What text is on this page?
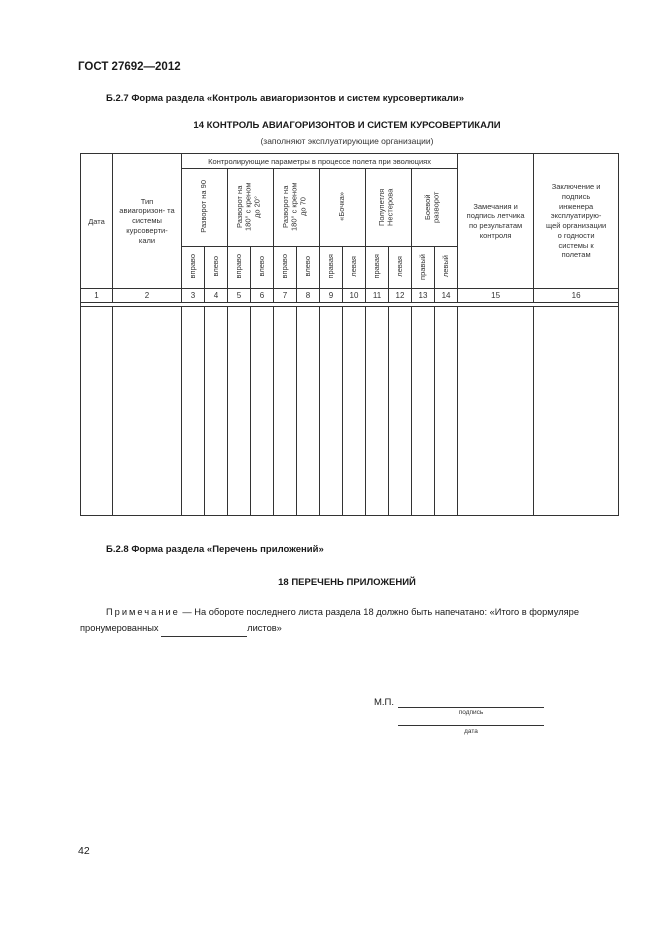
ГОСТ 27692—2012
Б.2.7 Форма раздела «Контроль авиагоризонтов и систем курсовертикали»
14 КОНТРОЛЬ АВИАГОРИЗОНТОВ И СИСТЕМ КУРСОВЕРТИКАЛИ
(заполняют эксплуатирующие организации)
Дата	Тип авиагоризон- та системы курсоверти- кали	Контролирующие параметры в процессе полета при эволюциях												Замечания и подпись летчика по результатам контроля	Заключение и подпись инженера эксплуатирую- щей организации о годности системы к полетам

		Разворот на 90		Разворот на 180° с креном до 20°		Разворот на 180° с креном до 70		«Бочка»		Полупетля Нестерова		Боевой разворот			
		вправо	влево	вправо	влево	вправо	влево	правая	левая	правая	левая	правый	левый		
1	2	3	4	5	6	7	8	9	10	11	12	13	14	15	16

Б.2.8 Форма раздела «Перечень приложений»
18 ПЕРЕЧЕНЬ ПРИЛОЖЕНИЙ
Примечание — На обороте последнего листа раздела 18 должно быть напечатано: «Итого в формуляре пронумерованных	листов»
М.П.
подпись
дата
42
